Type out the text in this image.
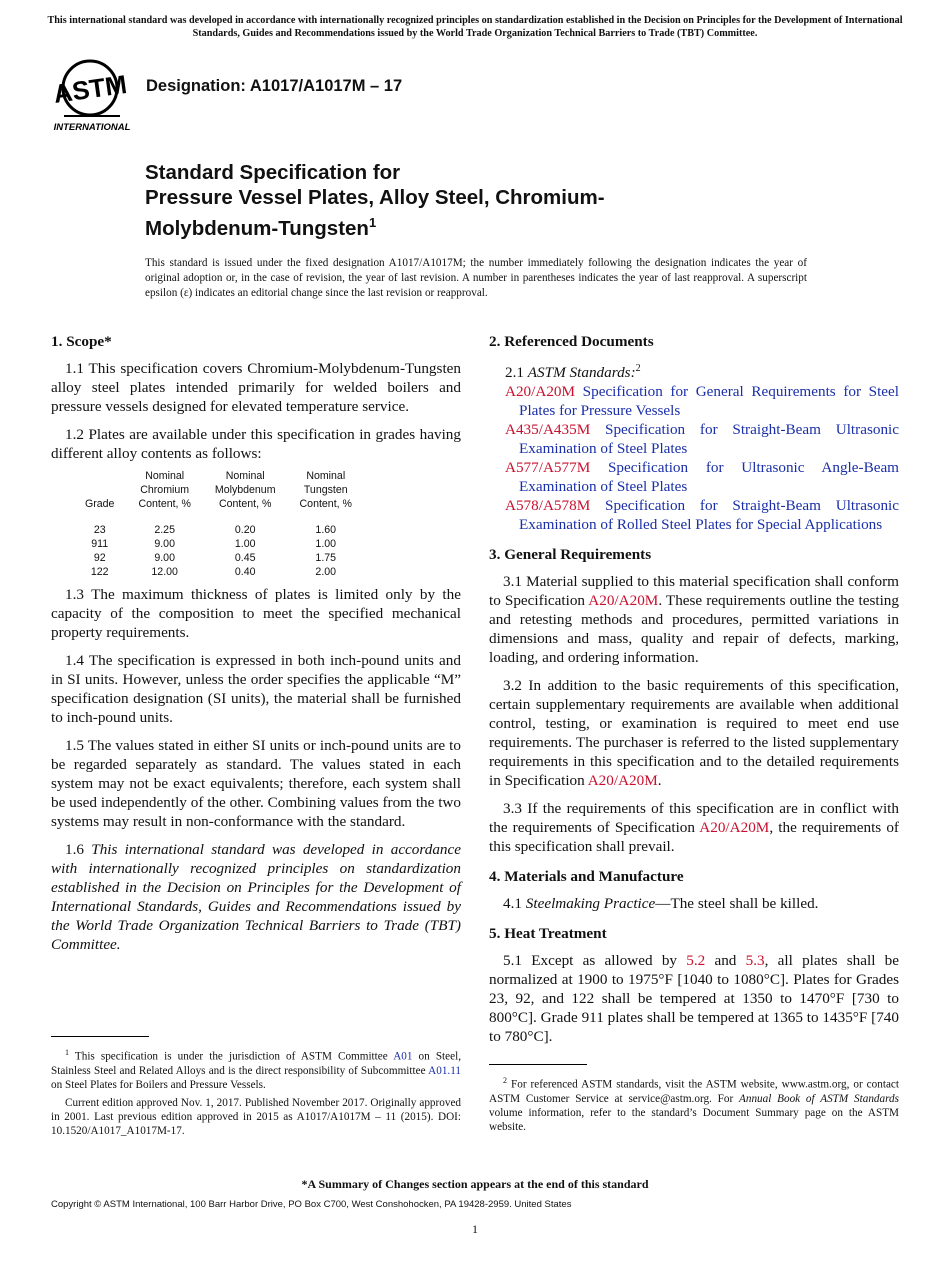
This international standard was developed in accordance with internationally recognized principles on standardization established in the Decision on Principles for the Development of International Standards, Guides and Recommendations issued by the World Trade Organization Technical Barriers to Trade (TBT) Committee.
ASTM
INTERNATIONAL
Designation: A1017/A1017M – 17
Standard Specification for
Pressure Vessel Plates, Alloy Steel, Chromium-
Molybdenum-Tungsten$^1$
This standard is issued under the fixed designation A1017/A1017M; the number immediately following the designation indicates the year of original adoption or, in the case of revision, the year of last revision. A number in parentheses indicates the year of last reapproval. A superscript epsilon (ε) indicates an editorial change since the last revision or reapproval.
1. Scope*

1.1 This specification covers Chromium-Molybdenum-Tungsten alloy steel plates intended primarily for welded boilers and pressure vessels designed for elevated temperature service.

1.2 Plates are available under this specification in grades having different alloy contents as follows:

Grade	Nominal
Chromium
Content, %	Nominal
Molybdenum
Content, %	Nominal
Tungsten
Content, %

23	2.25	0.20	1.60
911	9.00	1.00	1.00
92	9.00	0.45	1.75
122	12.00	0.40	2.00

1.3 The maximum thickness of plates is limited only by the capacity of the composition to meet the specified mechanical property requirements.

1.4 The specification is expressed in both inch-pound units and in SI units. However, unless the order specifies the applicable “M” specification designation (SI units), the material shall be furnished to inch-pound units.

1.5 The values stated in either SI units or inch-pound units are to be regarded separately as standard. The values stated in each system may not be exact equivalents; therefore, each system shall be used independently of the other. Combining values from the two systems may result in non-conformance with the standard.

1.6 This international standard was developed in accordance with internationally recognized principles on standardization established in the Decision on Principles for the Development of International Standards, Guides and Recommendations issued by the World Trade Organization Technical Barriers to Trade (TBT) Committee.

2. Referenced Documents
2.1 ASTM Standards:$^2$
A20/A20M Specification for General Requirements for Steel Plates for Pressure Vessels
A435/A435M Specification for Straight-Beam Ultrasonic Examination of Steel Plates
A577/A577M Specification for Ultrasonic Angle-Beam Examination of Steel Plates
A578/A578M Specification for Straight-Beam Ultrasonic Examination of Rolled Steel Plates for Special Applications
3. General Requirements

3.1 Material supplied to this material specification shall conform to Specification A20/A20M. These requirements outline the testing and retesting methods and procedures, permitted variations in dimensions and mass, quality and repair of defects, marking, loading, and ordering information.

3.2 In addition to the basic requirements of this specification, certain supplementary requirements are available when additional control, testing, or examination is required to meet end use requirements. The purchaser is referred to the listed supplementary requirements in this specification and to the detailed requirements in Specification A20/A20M.

3.3 If the requirements of this specification are in conflict with the requirements of Specification A20/A20M, the requirements of this specification shall prevail.

4. Materials and Manufacture

4.1 Steelmaking Practice—The steel shall be killed.

5. Heat Treatment

5.1 Except as allowed by 5.2 and 5.3, all plates shall be normalized at 1900 to 1975°F [1040 to 1080°C]. Plates for Grades 23, 92, and 122 shall be tempered at 1350 to 1470°F [730 to 800°C]. Grade 911 plates shall be tempered at 1365 to 1435°F [740 to 780°C].

$^1$ This specification is under the jurisdiction of ASTM Committee A01 on Steel, Stainless Steel and Related Alloys and is the direct responsibility of Subcommittee A01.11 on Steel Plates for Boilers and Pressure Vessels.

Current edition approved Nov. 1, 2017. Published November 2017. Originally approved in 2001. Last previous edition approved in 2015 as A1017/A1017M – 11 (2015). DOI: 10.1520/A1017_A1017M-17.

$^2$ For referenced ASTM standards, visit the ASTM website, www.astm.org, or contact ASTM Customer Service at service@astm.org. For Annual Book of ASTM Standards volume information, refer to the standard’s Document Summary page on the ASTM website.

*A Summary of Changes section appears at the end of this standard
Copyright © ASTM International, 100 Barr Harbor Drive, PO Box C700, West Conshohocken, PA 19428-2959. United States
1
